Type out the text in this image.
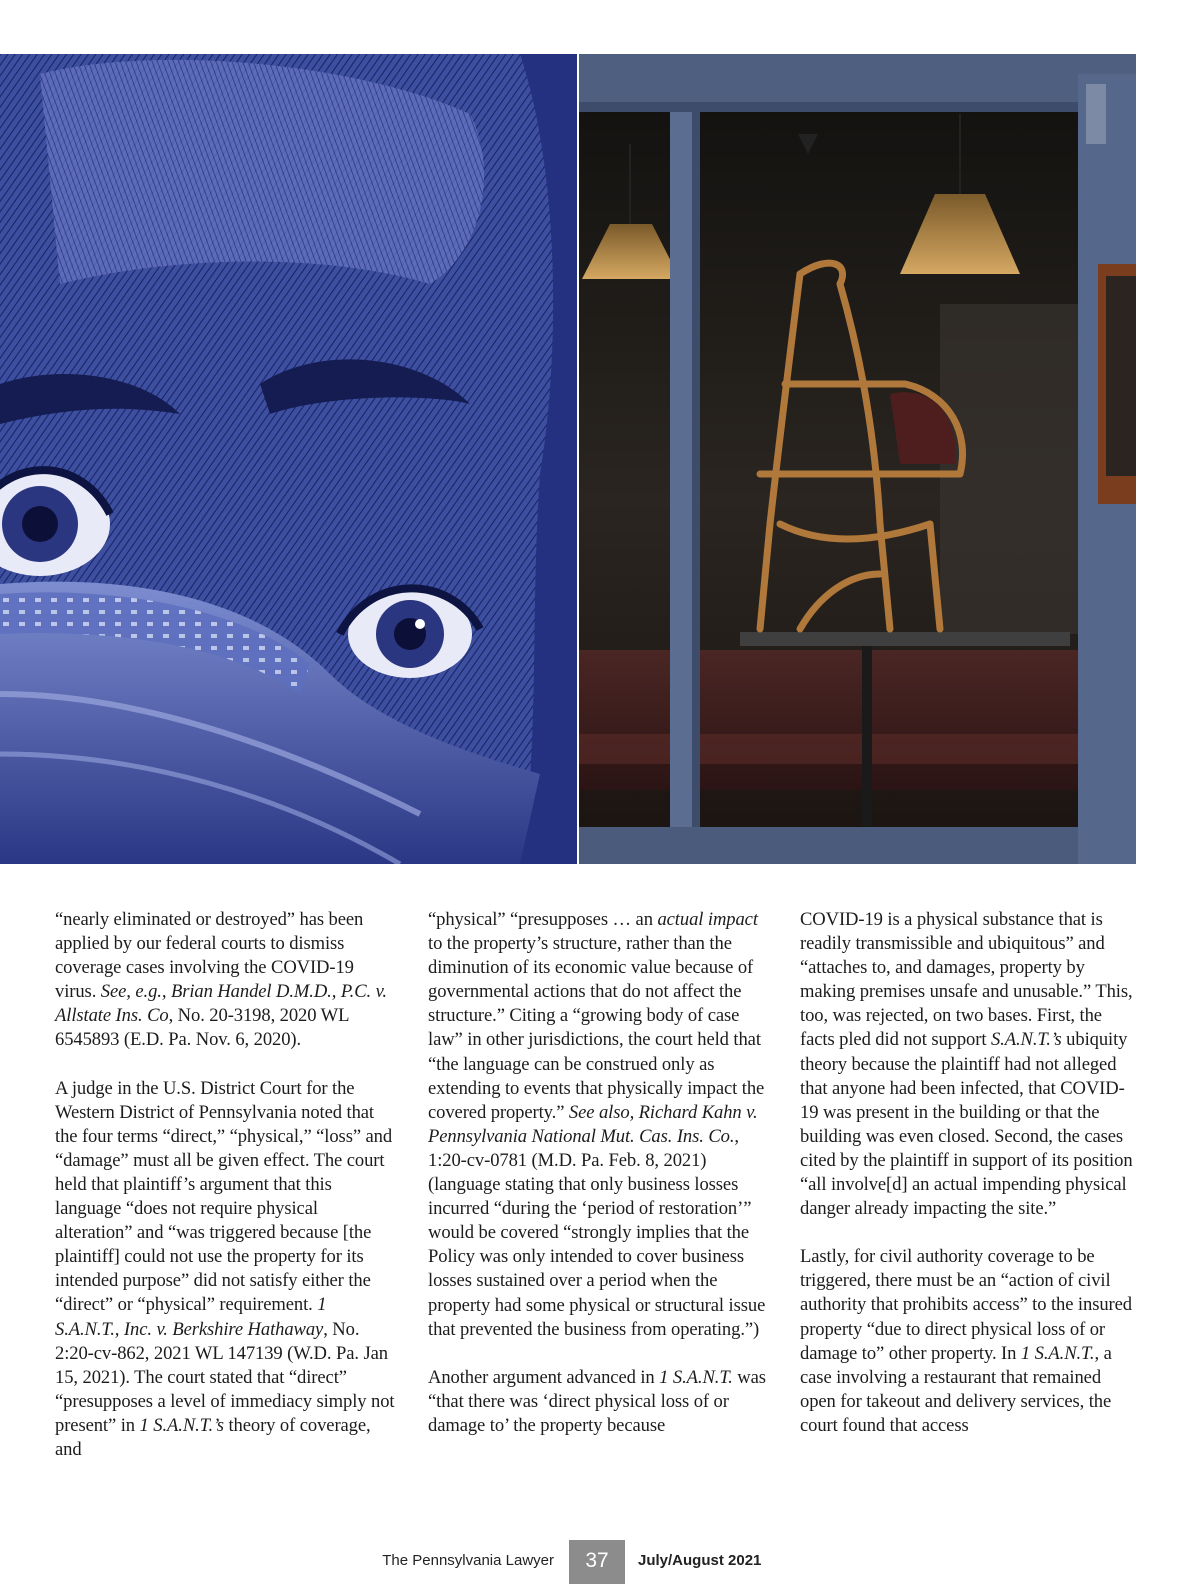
“nearly eliminated or destroyed” has been applied by our federal courts to dismiss coverage cases involving the COVID-19 virus. See, e.g., Brian Handel D.M.D., P.C. v. Allstate Ins. Co, No. 20-3198, 2020 WL 6545893 (E.D. Pa. Nov. 6, 2020).

A judge in the U.S. District Court for the Western District of Pennsylvania noted that the four terms “direct,” “physical,” “loss” and “damage” must all be given effect. The court held that plaintiff’s argument that this language “does not require physical alteration” and “was triggered because [the plaintiff] could not use the property for its intended purpose” did not satisfy either the “direct” or “physical” requirement. 1 S.A.N.T., Inc. v. Berkshire Hathaway, No. 2:20-cv-862, 2021 WL 147139 (W.D. Pa. Jan 15, 2021). The court stated that “direct” “presupposes a level of immediacy simply not present” in 1 S.A.N.T.’s theory of coverage, and

“physical” “presupposes … an actual impact to the property’s structure, rather than the diminution of its economic value because of governmental actions that do not affect the structure.” Citing a “growing body of case law” in other jurisdictions, the court held that “the language can be construed only as extending to events that physically impact the covered property.” See also, Richard Kahn v. Pennsylvania National Mut. Cas. Ins. Co., 1:20-cv-0781 (M.D. Pa. Feb. 8, 2021) (language stating that only business losses incurred “during the ‘period of restoration’” would be covered “strongly implies that the Policy was only intended to cover business losses sustained over a period when the property had some physical or structural issue that prevented the business from operating.”)

Another argument advanced in 1 S.A.N.T. was “that there was ‘direct physical loss of or damage to’ the property because

COVID-19 is a physical substance that is readily transmissible and ubiquitous” and “attaches to, and damages, property by making premises unsafe and unusable.” This, too, was rejected, on two bases. First, the facts pled did not support S.A.N.T.’s ubiquity theory because the plaintiff had not alleged that anyone had been infected, that COVID-19 was present in the building or that the building was even closed. Second, the cases cited by the plaintiff in support of its position “all involve[d] an actual impending physical danger already impacting the site.”

Lastly, for civil authority coverage to be triggered, there must be an “action of civil authority that prohibits access” to the insured property “due to direct physical loss of or damage to” other property. In 1 S.A.N.T., a case involving a restaurant that remained open for takeout and delivery services, the court found that access

The Pennsylvania Lawyer	37	July/August 2021
